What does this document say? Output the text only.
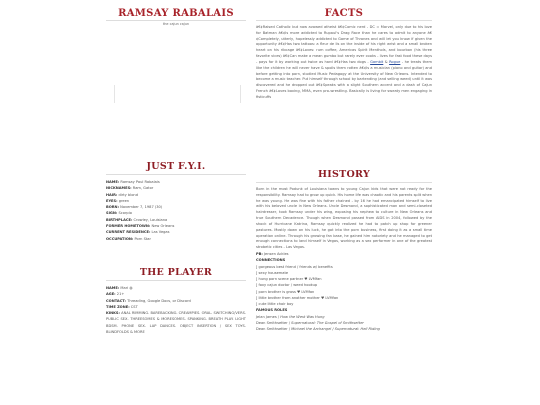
RAMSAY RABALAIS
the cajun cajun
JUST F.Y.I.
NAME: Ramsay Paul Rabalais
NICKNAMES: Ram, Gator
HAIR: dirty blond
EYES: green
BORN: November 7, 1987 (30)
SIGN: Scorpio
BIRTHPLACE: Crowley, Louisiana
FORMER HOMETOWN: New Orleans
CURRENT RESIDENCE: Las Vegas
OCCUPATION: Porn Star
THE PLAYER
NAME: Mari ◍
AGE: 21+
CONTACT: Threading, Google Docs, or Discord
TIME ZONE: CST
KINKS: ANAL RIMMING. BAREBACKING. CREAMPIES. ORAL. SWITCHING/VERS. PUBLIC SEX. THREESOMES & MORESOMES. SPANKING. BREATH PLAY. LIGHT BDSM. PHONE SEX. LAP DANCES. OBJECT INSERTION / SEX TOYS. BLINDFOLDS & MORE
FACTS
â€¢Raised Catholic but now avowed atheist â€¢Comic nerd - DC = Marvel, only due to his love for Batman â€¢Is more addicted to Rupaul's Drag Race than he cares to admit to anyone â€¢Completely, utterly, hopelessly addicted to Game of Thrones and will let you know if given the opportunity â€¢Has two tattoos: a fleur de lis on the inside of his right wrist and a small broken heart on his ribcage â€¢Loves: rum coffee, Americas Spirit Menthols, and bourbon (his three favorite vices) â€¢Can make a mean gumbo but rarely ever cooks - lives for fast food these days - pays for it by working out twice as hard â€¢Has two dogs - Gambit & Rogue - he treats them like the children he will never have & spoils them rotten â€¢Is a musician (piano and guitar) and before getting into porn, studied Music Pedagogy at the University of New Orleans. Intended to become a music teacher. Put himself through school by bartending (and selling weed) until it was discovered and he dropped out â€¢Speaks with a slight Southern accent and a dash of Cajun French â€¢Loves boxing, MMA, even pro-wrestling. Basically is living for sweaty men engaging in fisticuffs
HISTORY
Born in the most Podunk of Louisiana towns to young Cajun kids that were not ready for the responsibility. Ramsay had to grow up quick. His home life was chaotic and his parents split when he was young. He was fine with his father chained - by 16 he had emancipated himself to live with his beloved uncle in New Orleans. Uncle Desmond, a sophisticated man and semi-closeted hairdresser, took Ramsay under his wing, exposing his nephew to culture in New Orleans and true Southern Decadence. Though when Desmond passed from AIDS in 2004, followed by the shock of Hurricane Katrina, Ramsay quickly realized he had to patch up shop for greener pastures. Mostly down on his luck, he got into the porn business, first doing it as a small time operation online. Through his growing fan base, he gained him notoriety and he managed to get enough connections to land himself in Vegas, working as a sex performer in one of the greatest strobetic cities - Las Vegas.
PB: Jensen Ackles
CONNECTIONS
[ gorgeous best friend / friends w/ benefits
[ sexy housemate
[ hung porn scene partner ♥ LVMfan
[ foxy cajun doctor / weed hookup
[ porn brother is gross ♥ LVMfan
[ little brother from another mother ♥ LVMfan
[ cute little choir boy
FAMOUS ROLES
Jelan James / How the West Was Hung
Dean Smithsetter / Supernatural: The Gospel of Smithsetter
Dean Smithsetter / Michael the Archangel / Supernatural: Hell Riding
